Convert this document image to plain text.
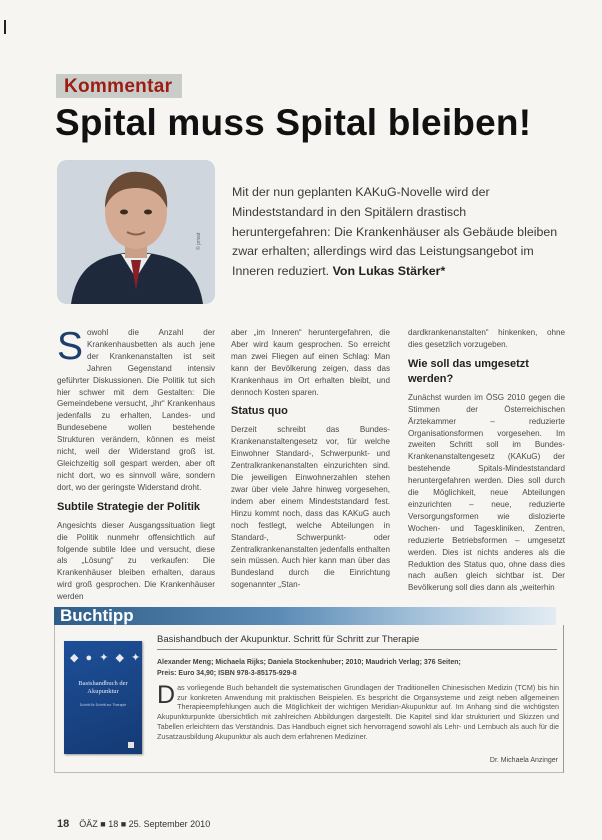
Kommentar
Spital muss Spital bleiben!
© privat
Mit der nun geplanten KAKuG-Novelle wird der Mindeststandard in den Spitälern drastisch heruntergefahren: Die Krankenhäuser als Gebäude bleiben zwar erhalten; allerdings wird das Leistungsangebot im Inneren reduziert. Von Lukas Stärker*

Sowohl die Anzahl der Krankenhausbetten als auch jene der Krankenanstalten ist seit Jahren Gegenstand intensiv geführter Diskussionen. Die Politik tut sich hier schwer mit dem Gestalten: Die Gemeindebene versucht, „ihr“ Krankenhaus jedenfalls zu erhalten, Landes- und Bundesebene wollen bestehende Strukturen verändern, können es meist nicht, weil der Widerstand groß ist. Gleichzeitig soll gespart werden, aber oft nicht dort, wo es sinnvoll wäre, sondern dort, wo der geringste Widerstand droht.

Subtile Strategie der Politik

Angesichts dieser Ausgangssituation liegt die Politik nunmehr offensichtlich auf folgende subtile Idee und versucht, diese als „Lösung“ zu verkaufen: Die Krankenhäuser bleiben erhalten, daraus wird groß gesprochen. Die Krankenhäuser werden

aber „im Inneren“ heruntergefahren, die Aber wird kaum gesprochen. So erreicht man zwei Fliegen auf einen Schlag: Man kann der Bevölkerung zeigen, dass das Krankenhaus im Ort erhalten bleibt, und dennoch Kosten sparen.

Status quo

Derzeit schreibt das Bundes-Krankenanstaltengesetz vor, für welche Einwohner Standard-, Schwerpunkt- und Zentralkrankenanstalten einzurichten sind. Die jeweiligen Einwohnerzahlen stehen zwar über viele Jahre hinweg vorgesehen, indem aber einem Mindeststandard fest. Hinzu kommt noch, dass das KAKuG auch noch festlegt, welche Abteilungen in Standard-, Schwerpunkt- oder Zentralkrankenanstalten jedenfalls enthalten sein müssen. Auch hier kann man über das Bundesland durch die Einrichtung sogenannter „Stan-

dardkrankenanstalten“ hinkenken, ohne dies gesetzlich vorzugeben.

Wie soll das umgesetzt werden?

Zunächst wurden im ÖSG 2010 gegen die Stimmen der Österreichischen Ärztekammer – reduzierte Organisationsformen vorgesehen. Im zweiten Schritt soll im Bundes-Krankenanstaltengesetz (KAKuG) der bestehende Spitals-Mindeststandard heruntergefahren werden. Dies soll durch die Möglichkeit, neue Abteilungen einzurichten – neue, reduzierte Versorgungsformen wie dislozierte Wochen- und Tageskliniken, Zentren, reduzierte Betriebsformen – umgesetzt werden. Dies ist nichts anderes als die Reduktion des Status quo, ohne dass dies nach außen gleich sichtbar ist. Der Bevölkerung soll dies dann als „weiterhin

Buchtipp
◆ ● ✦ ◆ ✦
Basishandbuch der Akupunktur
Schritt für Schritt zur Therapie
Basishandbuch der Akupunktur. Schritt für Schritt zur Therapie
Alexander Meng; Michaela Rijks; Daniela Stockenhuber; 2010; Maudrich Verlag; 376 Seiten;
Preis: Euro 34,90; ISBN 978-3-85175-929-8
Das vorliegende Buch behandelt die systematischen Grundlagen der Traditionellen Chinesischen Medizin (TCM) bis hin zur konkreten Anwendung mit praktischen Beispielen. Es bespricht die Organsysteme und zeigt neben allgemeinen Therapieempfehlungen auch die Möglichkeit der wichtigen Meridian-Akupunktur auf. Im Anhang sind die wichtigsten Akupunkturpunkte übersichtlich mit zahlreichen Abbildungen dargestellt. Die Kapitel sind klar strukturiert und Skizzen und Tabellen erleichtern das Verständnis. Das Handbuch eignet sich hervorragend sowohl als Lehr- und Lernbuch als auch für die Zusatzausbildung Akupunktur als auch dem erfahrenen Mediziner.
Dr. Michaela Anzinger
18 ÖÄZ ■ 18 ■ 25. September 2010
